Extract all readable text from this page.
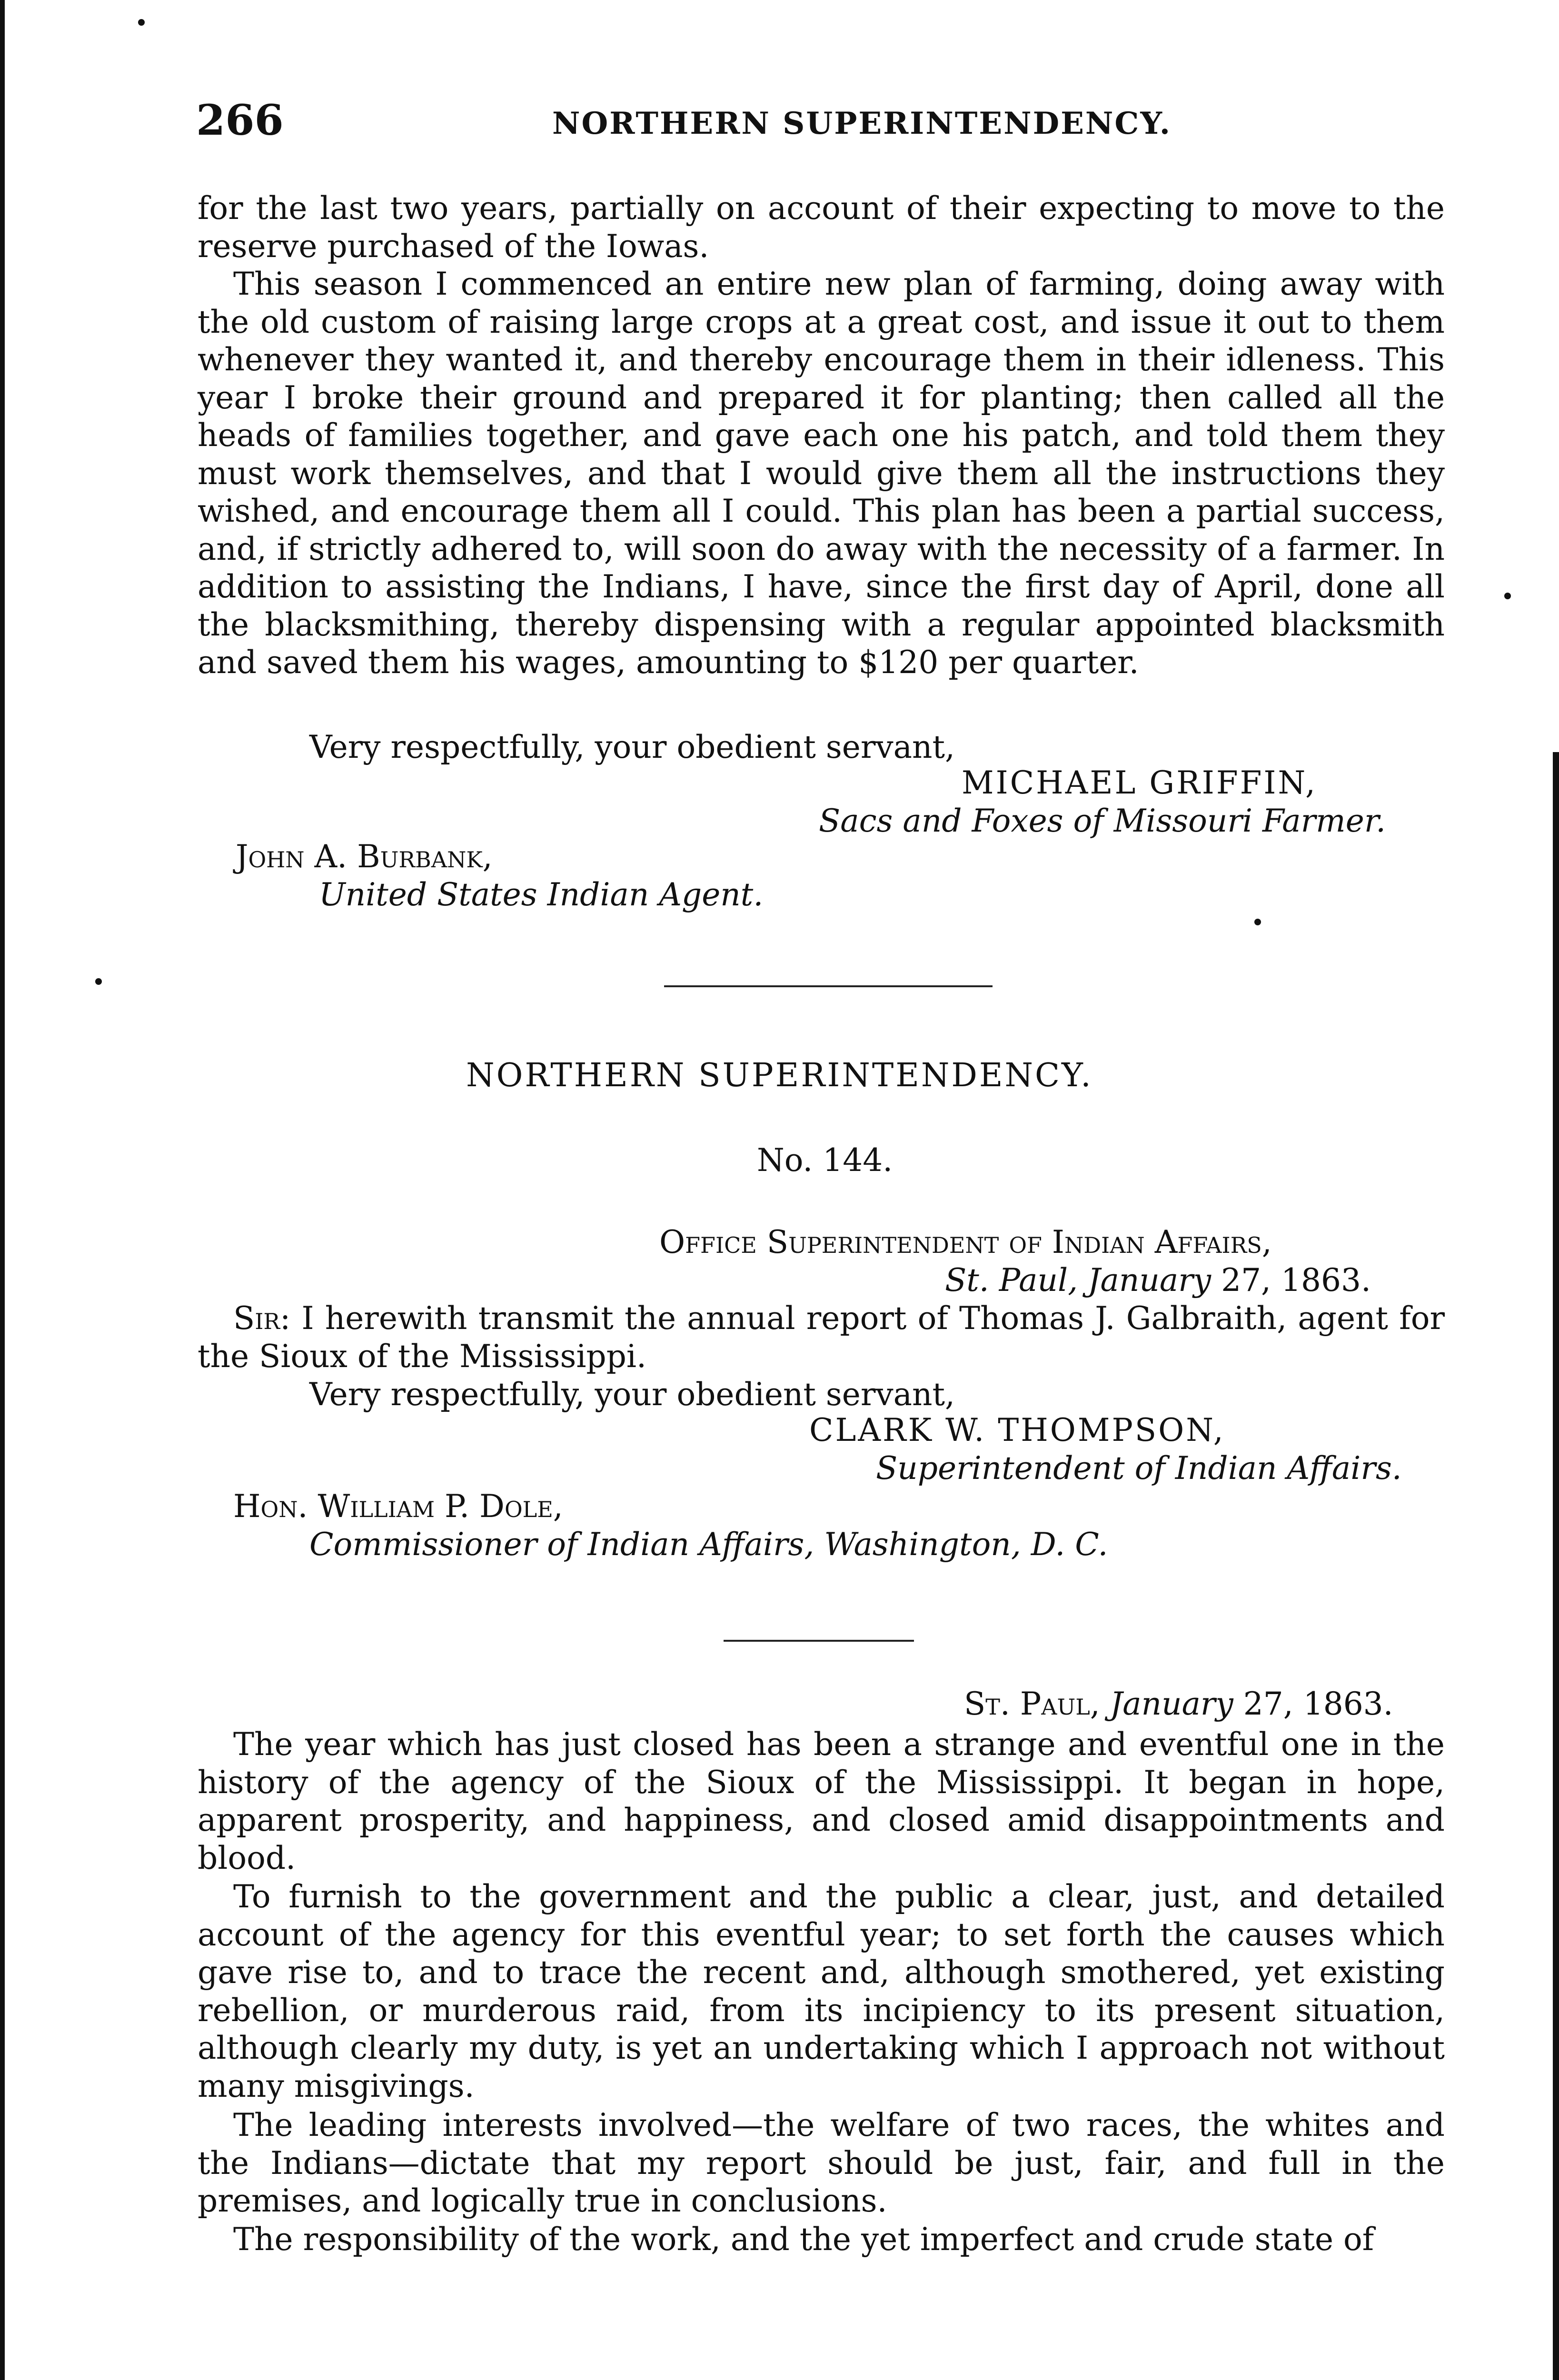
266	NORTHERN SUPERINTENDENCY.

for the last two years, partially on account of their expecting to move to the reserve purchased of the Iowas.

This season I commenced an entire new plan of farming, doing away with the old custom of raising large crops at a great cost, and issue it out to them whenever they wanted it, and thereby encourage them in their idleness. This year I broke their ground and prepared it for planting; then called all the heads of families together, and gave each one his patch, and told them they must work themselves, and that I would give them all the instructions they wished, and encourage them all I could. This plan has been a partial success, and, if strictly adhered to, will soon do away with the necessity of a farmer. In addition to assisting the Indians, I have, since the first day of April, done all the blacksmithing, thereby dispensing with a regular appointed blacksmith and saved them his wages, amounting to $120 per quarter.

Very respectfully, your obedient servant,
MICHAEL GRIFFIN,
Sacs and Foxes of Missouri Farmer.
John A. Burbank,
United States Indian Agent.
NORTHERN SUPERINTENDENCY.
No. 144.
Office Superintendent of Indian Affairs,
St. Paul, January 27, 1863.

Sir: I herewith transmit the annual report of Thomas J. Galbraith, agent for the Sioux of the Mississippi.

Very respectfully, your obedient servant,
CLARK W. THOMPSON,
Superintendent of Indian Affairs.
Hon. William P. Dole,
Commissioner of Indian Affairs, Washington, D. C.
St. Paul, January 27, 1863.

The year which has just closed has been a strange and eventful one in the history of the agency of the Sioux of the Mississippi. It began in hope, apparent prosperity, and happiness, and closed amid disappointments and blood.

To furnish to the government and the public a clear, just, and detailed account of the agency for this eventful year; to set forth the causes which gave rise to, and to trace the recent and, although smothered, yet existing rebellion, or murderous raid, from its incipiency to its present situation, although clearly my duty, is yet an undertaking which I approach not without many misgivings.

The leading interests involved—the welfare of two races, the whites and the Indians—dictate that my report should be just, fair, and full in the premises, and logically true in conclusions.

The responsibility of the work, and the yet imperfect and crude state of
